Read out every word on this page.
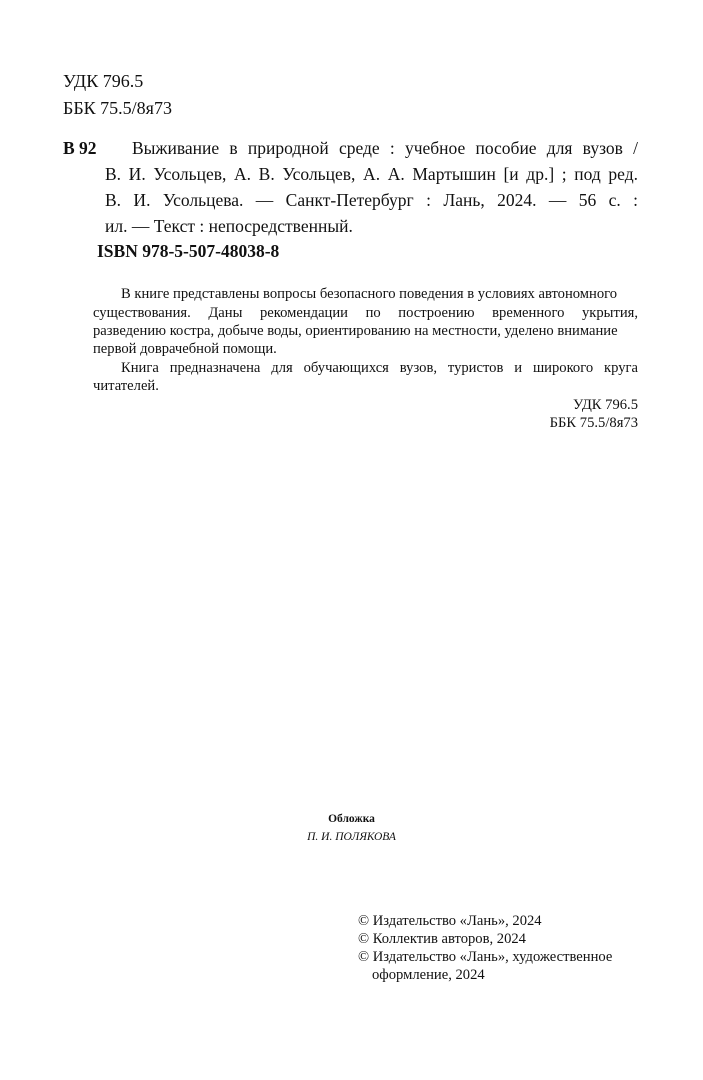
УДК 796.5
ББК 75.5/8я73
В 92 Выживание в природной среде : учебное пособие для вузов /
В. И. Усольцев, А. В. Усольцев, А. А. Мартышин [и др.] ; под ред.
В. И. Усольцева. — Санкт-Петербург : Лань, 2024. — 56 с. :
ил. — Текст : непосредственный.
ISBN 978-5-507-48038-8
В книге представлены вопросы безопасного поведения в условиях автономного
существования. Даны рекомендации по построению временного укрытия,
разведению костра, добыче воды, ориентированию на местности, уделено внимание
первой доврачебной помощи.
Книга предназначена для обучающихся вузов, туристов и широкого круга
читателей.
УДК 796.5
ББК 75.5/8я73
Обложка
П. И. ПОЛЯКОВА
© Издательство «Лань», 2024
© Коллектив авторов, 2024
© Издательство «Лань», художественное
оформление, 2024
